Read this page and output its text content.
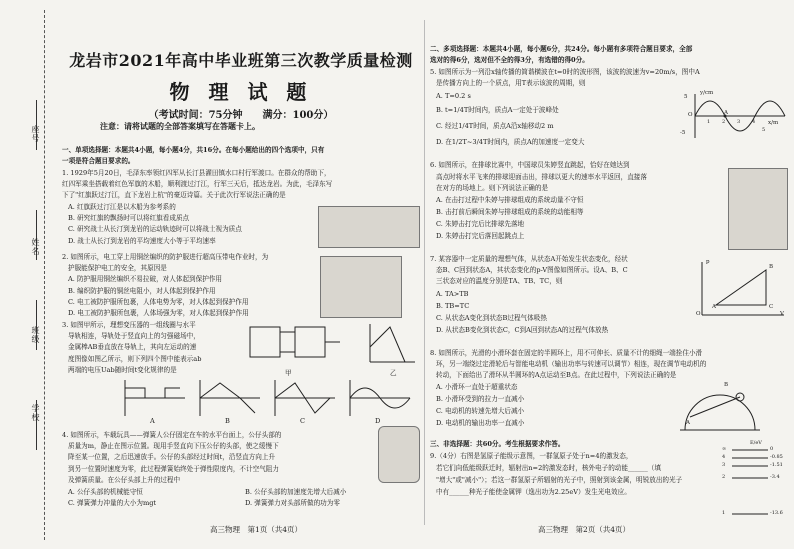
座号
姓名
班级
学校
龙岩市2021年高中毕业班第三次教学质量检测
物 理 试 题
（考试时间：75分钟　　满分：100分）
注意：请将试题的全部答案填写在答题卡上。
一、单项选择题：本题共4小题，每小题4分，共16分。在每小题给出的四个选项中，只有
一项是符合题目要求的。
1. 1929年5月20日，毛泽东率领红四军从长汀县濯田镇水口村行军渡口。在群众的帮助下，
红四军乘坐搭载着红色军旗的木船，顺利渡过汀江，行军三天后，抵达龙岩。为此，毛泽东写
下了"红旗跃过汀江，直下龙岩上杭"的豪迈诗篇。关于此次行军说法正确的是
A. 红旗跃过汀江是以木船为参考系的
B. 研究红旗的飘扬时可以将红旗看成质点
C. 研究战士从长汀到龙岩的运动轨迹时可以将战士视为质点
D. 战士从长汀到龙岩的平均速度大小等于平均速率
2. 如图所示，电工穿上用铜丝编织的防护服进行超高压带电作业时，为
护服能保护电工的安全，其原因是
A. 防护服用铜丝编织不易拉破，对人体起到保护作用
B. 编织防护服的铜丝电阻小，对人体起到保护作用
C. 电工被防护服所包裹，人体电势为零，对人体起到保护作用
D. 电工被防护服所包裹，人体场强为零，对人体起到保护作用
3. 如图甲所示，理想变压器的一组线圈与水平
导轨相连，导轨处于竖直向上的匀强磁场中，
金属棒AB垂直放在导轨上，其向左运动的速
度图像如图乙所示，则下列四个图中能表示ab
两端的电压Uab随时间t变化规律的是	甲	乙
A	B	C	D
4. 如图所示，车载玩具——弹簧人公仔固定在车的水平台面上，公仔头部的
质量为m，静止在图示位置。现用手竖直向下压公仔的头部，使之缓慢下
降至某一位置，之后迅速放手。公仔的头部经过时间t，沿竖直方向上升
到另一位置时速度为零，此过程弹簧始终处于弹性限度内，不计空气阻力
及弹簧质量。在公仔头部上升的过程中
A. 公仔头部的机械能守恒	B. 公仔头部的加速度先增大后减小
C. 弹簧弹力冲量的大小为mgt	D. 弹簧弹力对头部所做的功为零
高三物理　第1页（共4页）
二、多项选择题：本题共4小题，每小题6分，共24分。每小题有多项符合题目要求，全部
选对的得6分，选对但不全的得3分，有选错的得0分。
5. 如图所示为一列沿x轴传播的简谐横波在t=0时的波形图，该波的波速为v=20m/s，图中A
是传播方向上的一个质点，用T表示该波的周期，则
A. T=0.2 s
B. t=1/4T时间内，质点A一定处于波峰处
C. 经过1/4T时间，质点A沿x轴移动2 m
D. 在1/2T~3/4T时间内，质点A的加速度一定变大
y/cm
x/m
A
5
-5
O
1 2 3 4
5
6. 如图所示，在排球比赛中，中国球员朱婷竖直跳起，恰好在她达到
高点时将水平飞来的排球迎面击出，排球以更大的速率水平返回，直接落
在对方的场地上。则下列说法正确的是
A. 在击打过程中朱婷与排球组成的系统动量不守恒
B. 击打前后瞬间朱婷与排球组成的系统的动能相等
C. 朱婷击打完后比排球先落地
D. 朱婷击打完后落回起跳点上
7. 某容器中一定质量的理想气体，从状态A开始发生状态变化，经状
态B、C回到状态A，其状态变化的p-V图像如图所示。设A、B、C
三状态对应的温度分别是TA、TB、TC，则
A. TA>TB
B. TB=TC
C. 从状态A变化到状态B过程气体吸热
D. 从状态B变化到状态C，C到A回到状态A的过程气体放热
p
V
O
A
B
C
8. 如图所示，光滑的小滑环套在固定的半圆环上，用不可伸长、质量不计的细绳一端拴住小滑
环，另一端绕过定滑轮后与智能电动机（输出功率与转速可以调节）相连，现在调节电动机的
转动，下面给出了滑环从半圆环的A点运动至B点。在此过程中，下列说法正确的是
A. 小滑环一直处于超重状态
B. 小滑环受到的拉力一直减小
C. 电动机的转速先增大后减小
D. 电动机的输出功率一直减小	A
B
三、非选择题：共60分。考生根据要求作答。
9.（4分）右图是氢原子能级示意图，一群氢原子处于n=4的激发态，
若它们向低能级跃迁时，辐射出n=2的激发态时，核外电子的动能______（填
"增大"或"减小"）；若这一群氢原子所辐射的光子中，照射到该金属，明锐放出的光子
中有______种光子能使金属钾（逸出功为2.25eV）发生光电效应。
E/eV
∞	0
4	-0.85
3	-1.51
2	-3.4
1	-13.6
高三物理　第2页（共4页）
